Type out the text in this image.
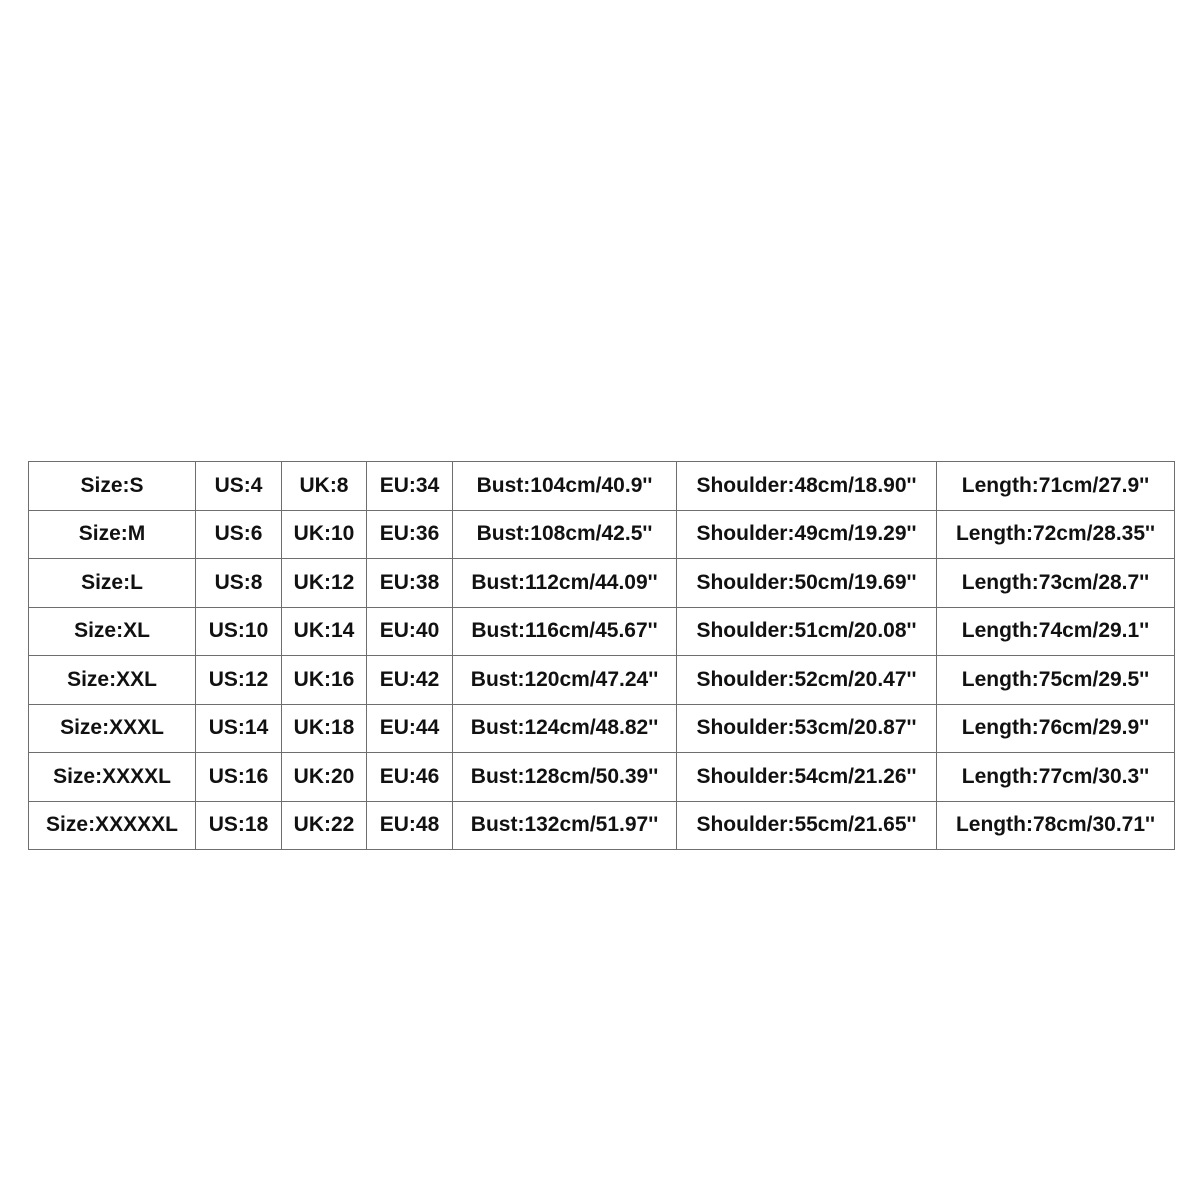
Size:S	US:4	UK:8	EU:34	Bust:104cm/40.9''	Shoulder:48cm/18.90''	Length:71cm/27.9''
Size:M	US:6	UK:10	EU:36	Bust:108cm/42.5''	Shoulder:49cm/19.29''	Length:72cm/28.35''
Size:L	US:8	UK:12	EU:38	Bust:112cm/44.09''	Shoulder:50cm/19.69''	Length:73cm/28.7''
Size:XL	US:10	UK:14	EU:40	Bust:116cm/45.67''	Shoulder:51cm/20.08''	Length:74cm/29.1''
Size:XXL	US:12	UK:16	EU:42	Bust:120cm/47.24''	Shoulder:52cm/20.47''	Length:75cm/29.5''
Size:XXXL	US:14	UK:18	EU:44	Bust:124cm/48.82''	Shoulder:53cm/20.87''	Length:76cm/29.9''
Size:XXXXL	US:16	UK:20	EU:46	Bust:128cm/50.39''	Shoulder:54cm/21.26''	Length:77cm/30.3''
Size:XXXXXL	US:18	UK:22	EU:48	Bust:132cm/51.97''	Shoulder:55cm/21.65''	Length:78cm/30.71''
